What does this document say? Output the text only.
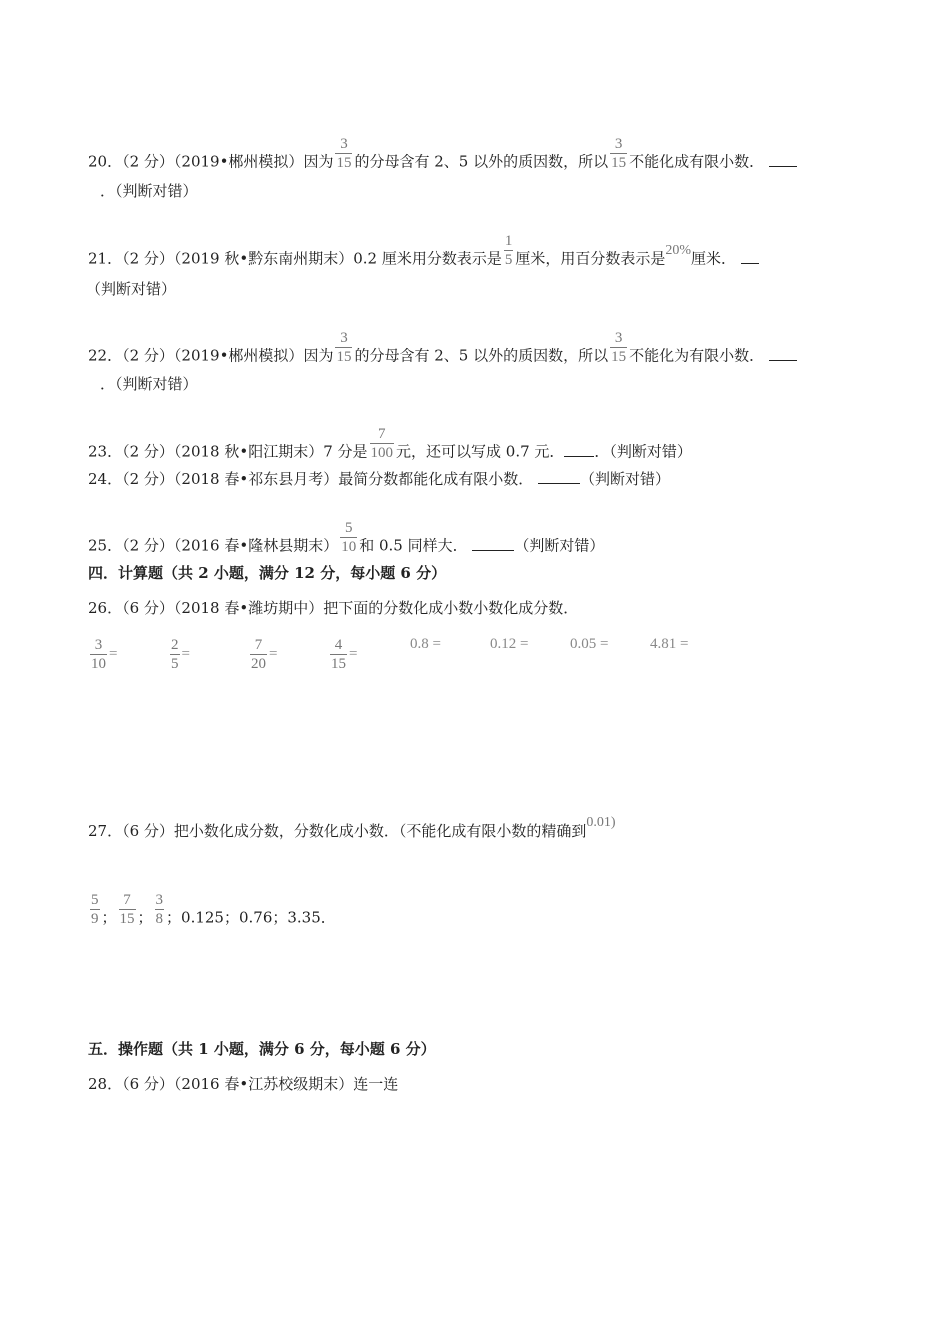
20．（2 分）（2019•郴州模拟）因为 $\frac{3}{15}$ 的分母含有 2、5 以外的质因数，所以 $\frac{3}{15}$ 不能化成有限小数．
．（判断对错）
21．（2 分）（2019 秋•黔东南州期末）0.2 厘米用分数表示是 $\frac{1}{5}$ 厘米，用百分数表示是20%厘米．
（判断对错）
22．（2 分）（2019•郴州模拟）因为 $\frac{3}{15}$ 的分母含有 2、5 以外的质因数，所以 $\frac{3}{15}$ 不能化为有限小数．
．（判断对错）
23．（2 分）（2018 秋•阳江期末）7 分是 $\frac{7}{100}$ 元，还可以写成 0.7 元． ．（判断对错）
24．（2 分）（2018 春•祁东县月考）最简分数都能化成有限小数．	（判断对错）
25．（2 分）（2016 春•隆林县期末） $\frac{5}{10}$ 和 0.5 同样大．	（判断对错）
四．计算题（共 2 小题，满分 12 分，每小题 6 分）
26．（6 分）（2018 春•潍坊期中）把下面的分数化成小数小数化成分数．
$\frac{3}{10}$ =	$\frac{2}{5}$ =	$\frac{7}{20}$ =	$\frac{4}{15}$ =
0.8 =	0.12 =	0.05 =	4.81 =
27．（6 分）把小数化成分数，分数化成小数．（不能化成有限小数的精确到0.01)
$\frac{5}{9}$ ； $\frac{7}{15}$ ； $\frac{3}{8}$ ；0.125；0.76；3.35．
五．操作题（共 1 小题，满分 6 分，每小题 6 分）
28．（6 分）（2016 春•江苏校级期末）连一连
